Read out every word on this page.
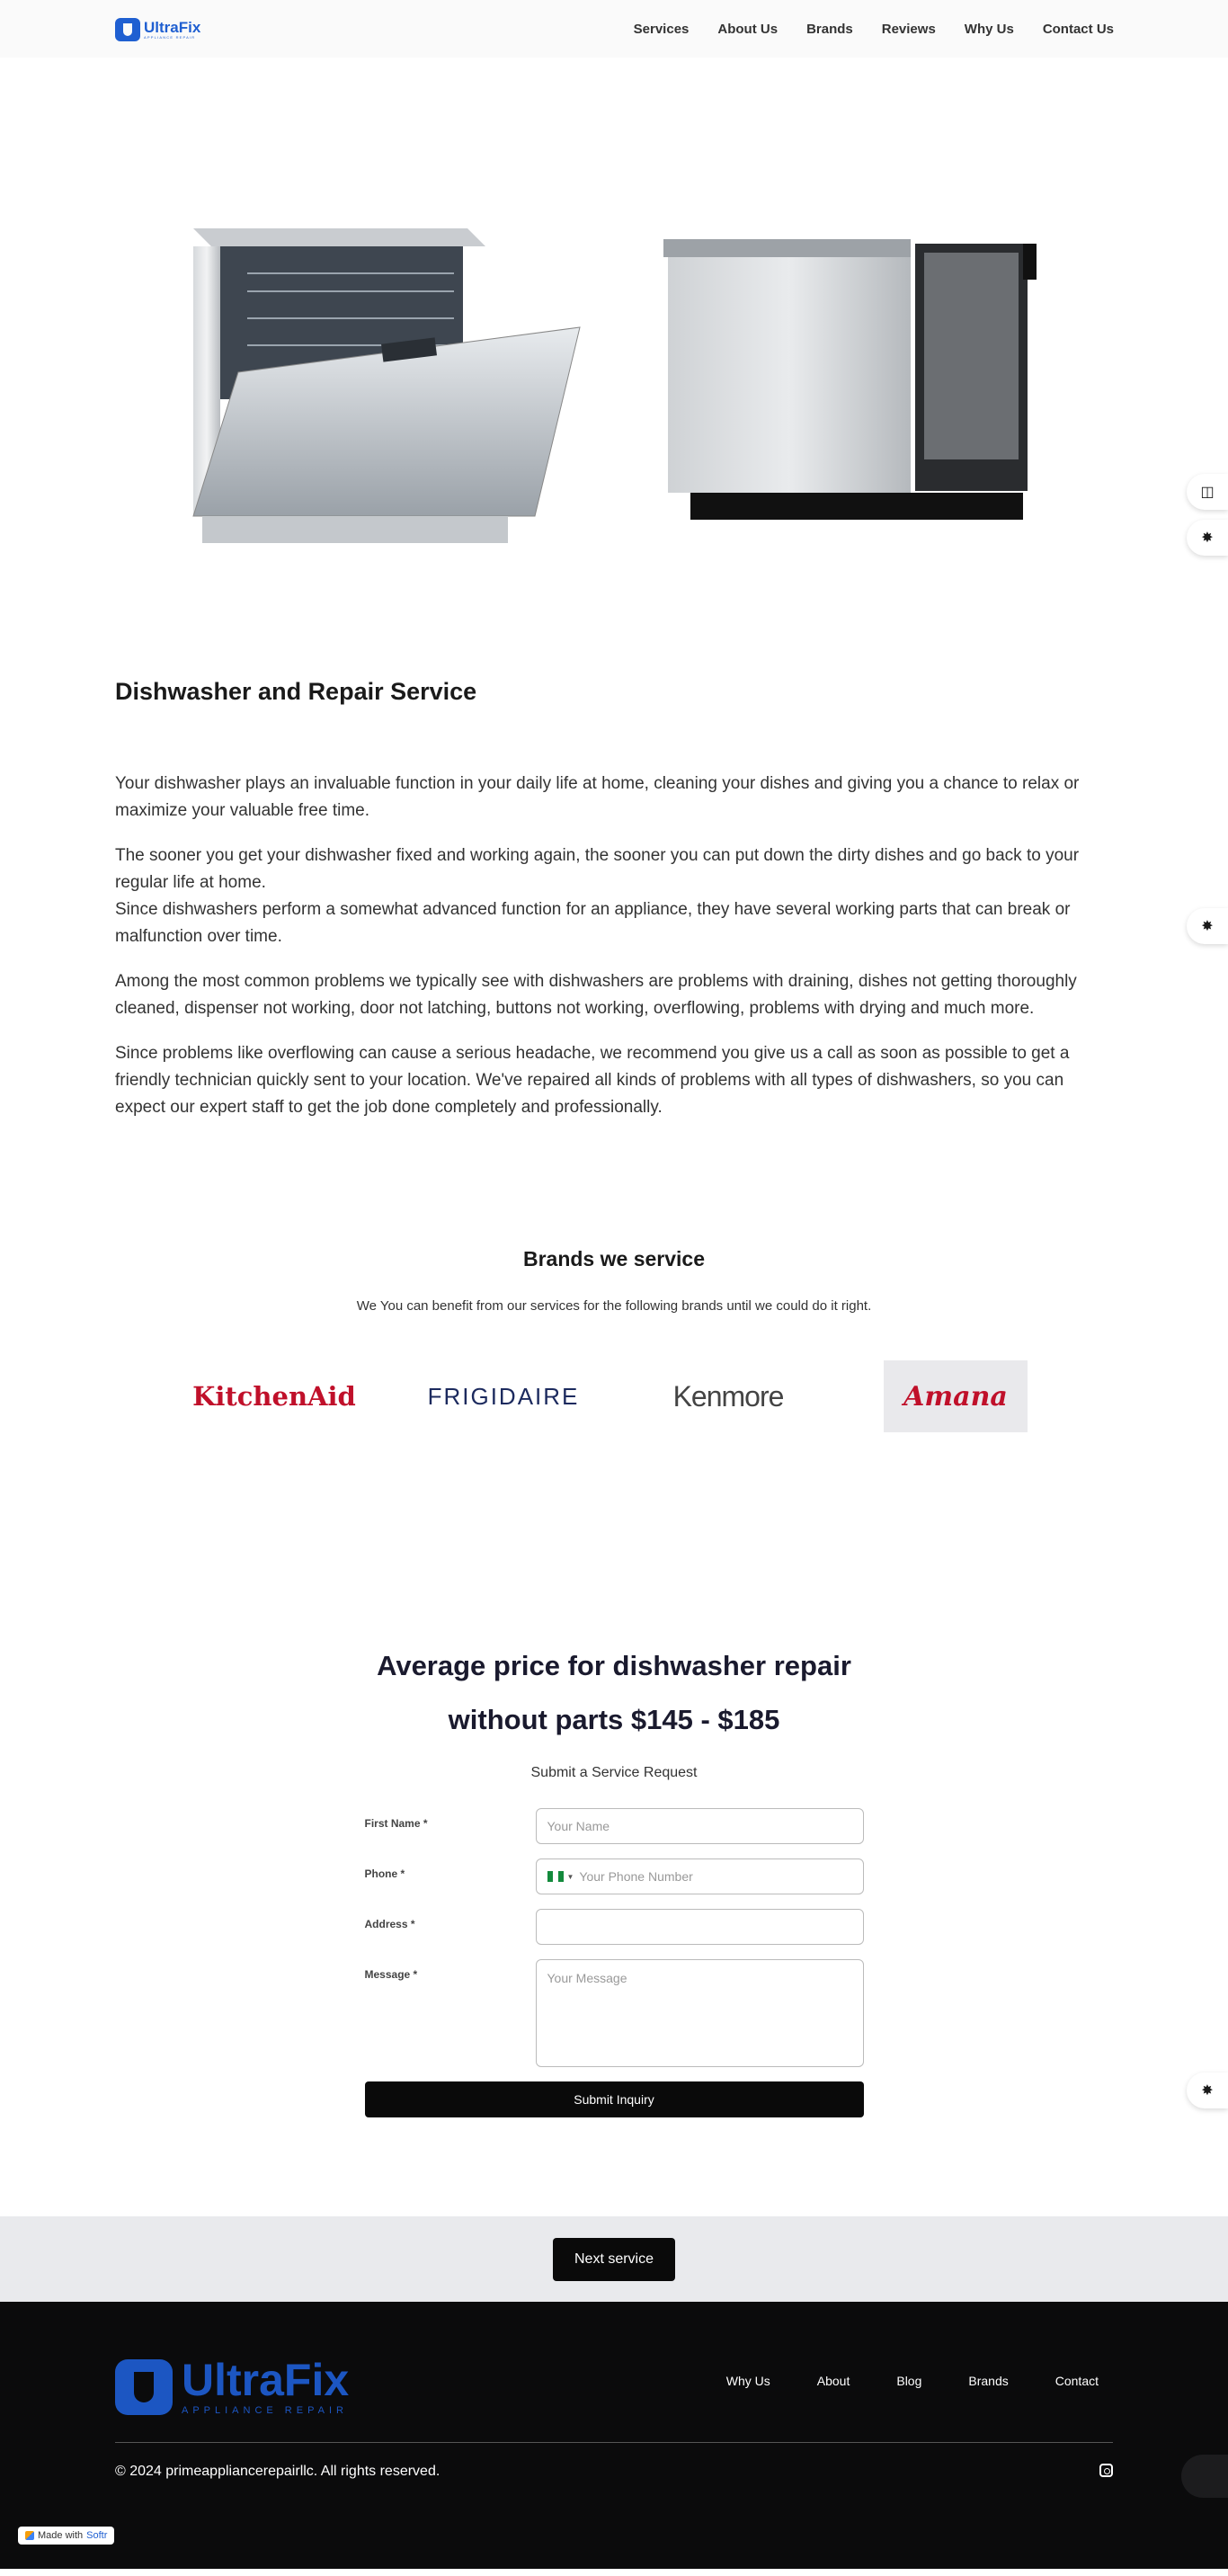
UltraFix
APPLIANCE REPAIR
Services About Us Brands Reviews Why Us Contact Us
◫
✸
✸
✸
Dishwasher and Repair Service

Your dishwasher plays an invaluable function in your daily life at home, cleaning your dishes and giving you a chance to relax or maximize your valuable free time.

The sooner you get your dishwasher fixed and working again, the sooner you can put down the dirty dishes and go back to your regular life at home.

Since dishwashers perform a somewhat advanced function for an appliance, they have several working parts that can break or malfunction over time.

Among the most common problems we typically see with dishwashers are problems with draining, dishes not getting thoroughly cleaned, dispenser not working, door not latching, buttons not working, overflowing, problems with drying and much more.

Since problems like overflowing can cause a serious headache, we recommend you give us a call as soon as possible to get a friendly technician quickly sent to your location. We've repaired all kinds of problems with all types of dishwashers, so you can expect our expert staff to get the job done completely and professionally.

Brands we service

We You can benefit from our services for the following brands until we could do it right.

KitchenAid	FRIGIDAIRE	Kenmore	Amana
Average price for dishwasher repair
without parts $145 - $185

Submit a Service Request

First Name *	Your Name
Phone *	▼ Your Phone Number
Address *
Message *	Your Message
Submit Inquiry
Next service
UltraFix
APPLIANCE REPAIR
Why Us	About	Blog	Brands	Contact

© 2024 primeappliancerepairllc. All rights reserved.

Made with Softr
